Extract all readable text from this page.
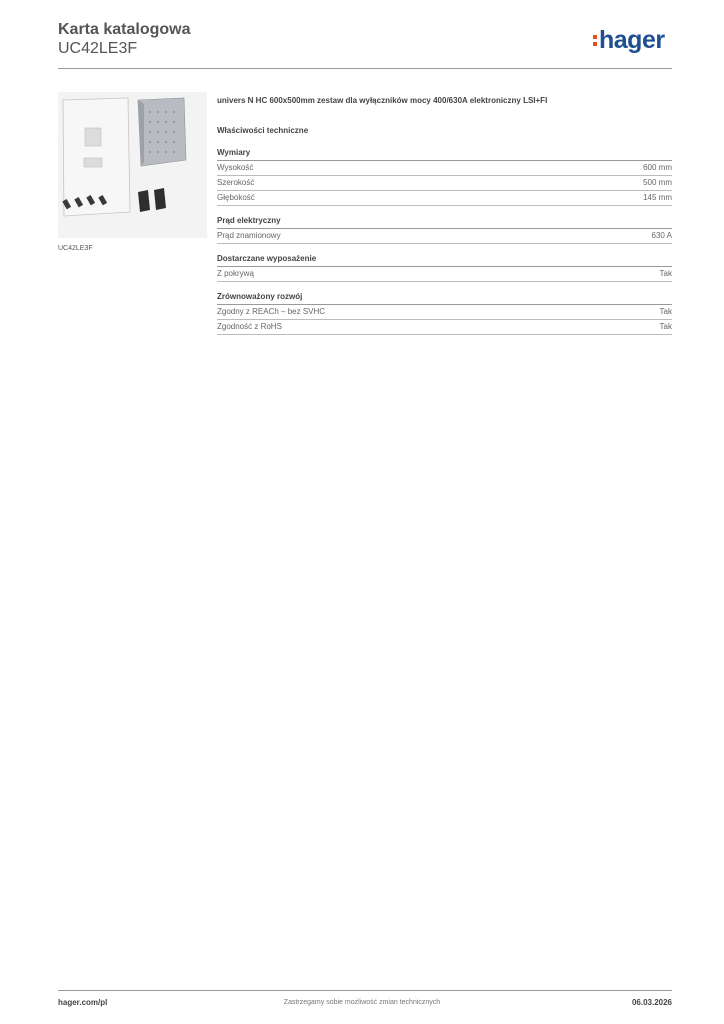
Karta katalogowa
UC42LE3F	hager
UC42LE3F
univers N HC 600x500mm zestaw dla wyłączników mocy 400/630A elektroniczny LSI+FI
Właściwości techniczne
Wymiary
Wysokość	600 mm
Szerokość	500 mm
Głębokość	145 mm
Prąd elektryczny
Prąd znamionowy	630 A
Dostarczane wyposażenie
Z pokrywą	Tak
Zrównoważony rozwój
Zgodny z REACh – bez SVHC	Tak
Zgodność z RoHS	Tak
hager.com/pl	Zastrzegamy sobie możliwość zmian technicznych	06.03.2026
